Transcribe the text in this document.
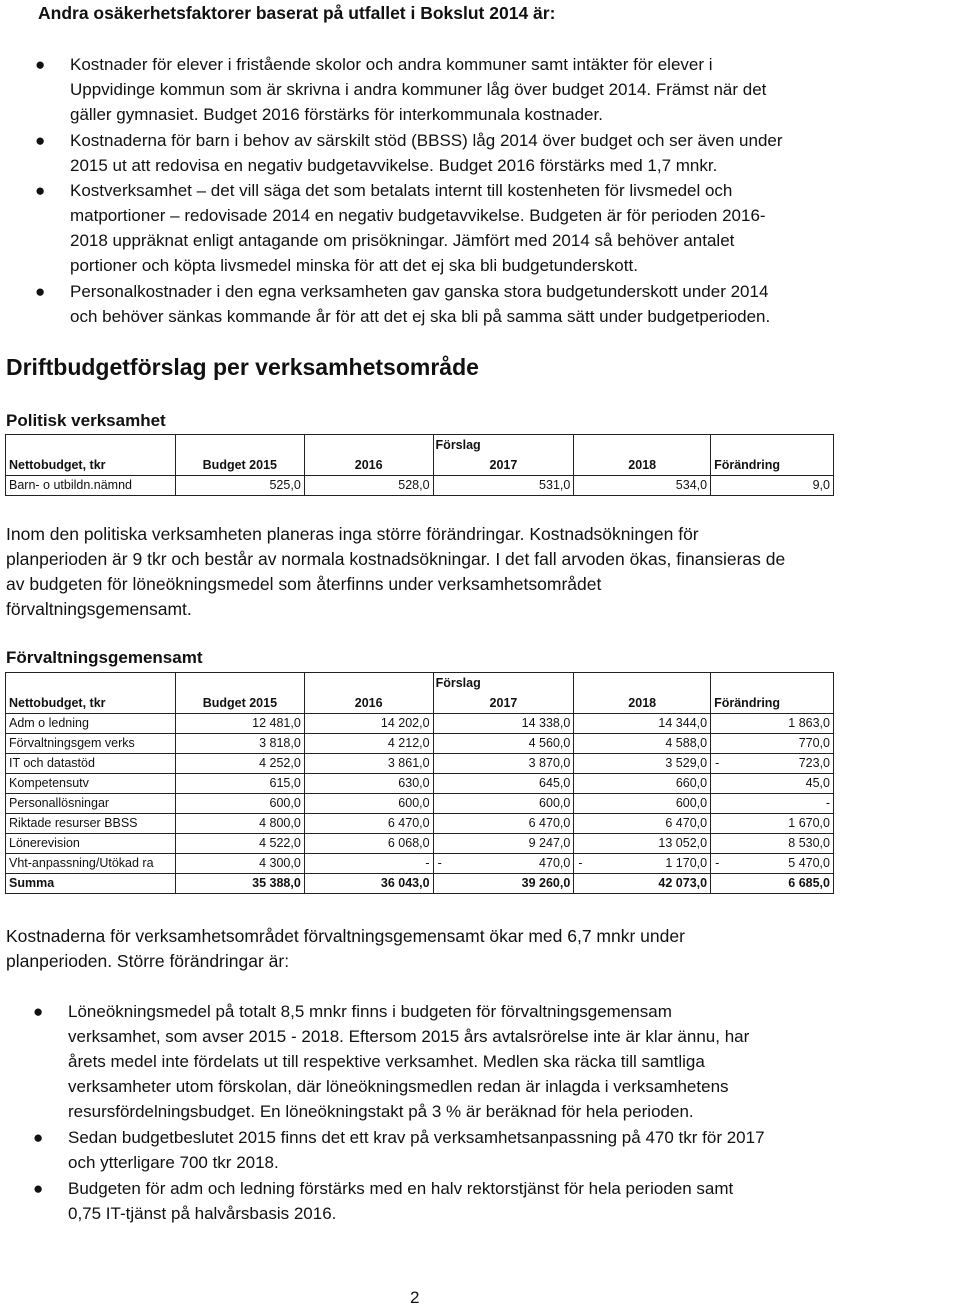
Andra osäkerhetsfaktorer baserat på utfallet i Bokslut 2014 är:
● Kostnader för elever i fristående skolor och andra kommuner samt intäkter för elever i
Uppvidinge kommun som är skrivna i andra kommuner låg över budget 2014. Främst när det
gäller gymnasiet. Budget 2016 förstärks för interkommunala kostnader.
● Kostnaderna för barn i behov av särskilt stöd (BBSS) låg 2014 över budget och ser även under
2015 ut att redovisa en negativ budgetavvikelse. Budget 2016 förstärks med 1,7 mnkr.
● Kostverksamhet – det vill säga det som betalats internt till kostenheten för livsmedel och
matportioner – redovisade 2014 en negativ budgetavvikelse. Budgeten är för perioden 2016-
2018 uppräknat enligt antagande om prisökningar. Jämfört med 2014 så behöver antalet
portioner och köpta livsmedel minska för att det ej ska bli budgetunderskott.
● Personalkostnader i den egna verksamheten gav ganska stora budgetunderskott under 2014
och behöver sänkas kommande år för att det ej ska bli på samma sätt under budgetperioden.
Driftbudgetförslag per verksamhetsområde
Politisk verksamhet
			Förslag		
Nettobudget, tkr	Budget 2015	2016	2017	2018	Förändring
Barn- o utbildn.nämnd	525,0	528,0	531,0	534,0	9,0
Inom den politiska verksamheten planeras inga större förändringar. Kostnadsökningen för
planperioden är 9 tkr och består av normala kostnadsökningar. I det fall arvoden ökas, finansieras de
av budgeten för löneökningsmedel som återfinns under verksamhetsområdet
förvaltningsgemensamt.
Förvaltningsgemensamt
			Förslag		
Nettobudget, tkr	Budget 2015	2016	2017	2018	Förändring
Adm o ledning	12 481,0	14 202,0	14 338,0	14 344,0	1 863,0
Förvaltningsgem verks	3 818,0	4 212,0	4 560,0	4 588,0	770,0
IT och datastöd	4 252,0	3 861,0	3 870,0	3 529,0	- 723,0
Kompetensutv	615,0	630,0	645,0	660,0	45,0
Personallösningar	600,0	600,0	600,0	600,0	-
Riktade resurser BBSS	4 800,0	6 470,0	6 470,0	6 470,0	1 670,0
Lönerevision	4 522,0	6 068,0	9 247,0	13 052,0	8 530,0
Vht-anpassning/Utökad ra	4 300,0	-	- 470,0	- 1 170,0	- 5 470,0
Summa	35 388,0	36 043,0	39 260,0	42 073,0	6 685,0
Kostnaderna för verksamhetsområdet förvaltningsgemensamt ökar med 6,7 mnkr under
planperioden. Större förändringar är:
● Löneökningsmedel på totalt 8,5 mnkr finns i budgeten för förvaltningsgemensam
verksamhet, som avser 2015 - 2018. Eftersom 2015 års avtalsrörelse inte är klar ännu, har
årets medel inte fördelats ut till respektive verksamhet. Medlen ska räcka till samtliga
verksamheter utom förskolan, där löneökningsmedlen redan är inlagda i verksamhetens
resursfördelningsbudget. En löneökningstakt på 3 % är beräknad för hela perioden.
● Sedan budgetbeslutet 2015 finns det ett krav på verksamhetsanpassning på 470 tkr för 2017
och ytterligare 700 tkr 2018.
● Budgeten för adm och ledning förstärks med en halv rektorstjänst för hela perioden samt
0,75 IT-tjänst på halvårsbasis 2016.
2
